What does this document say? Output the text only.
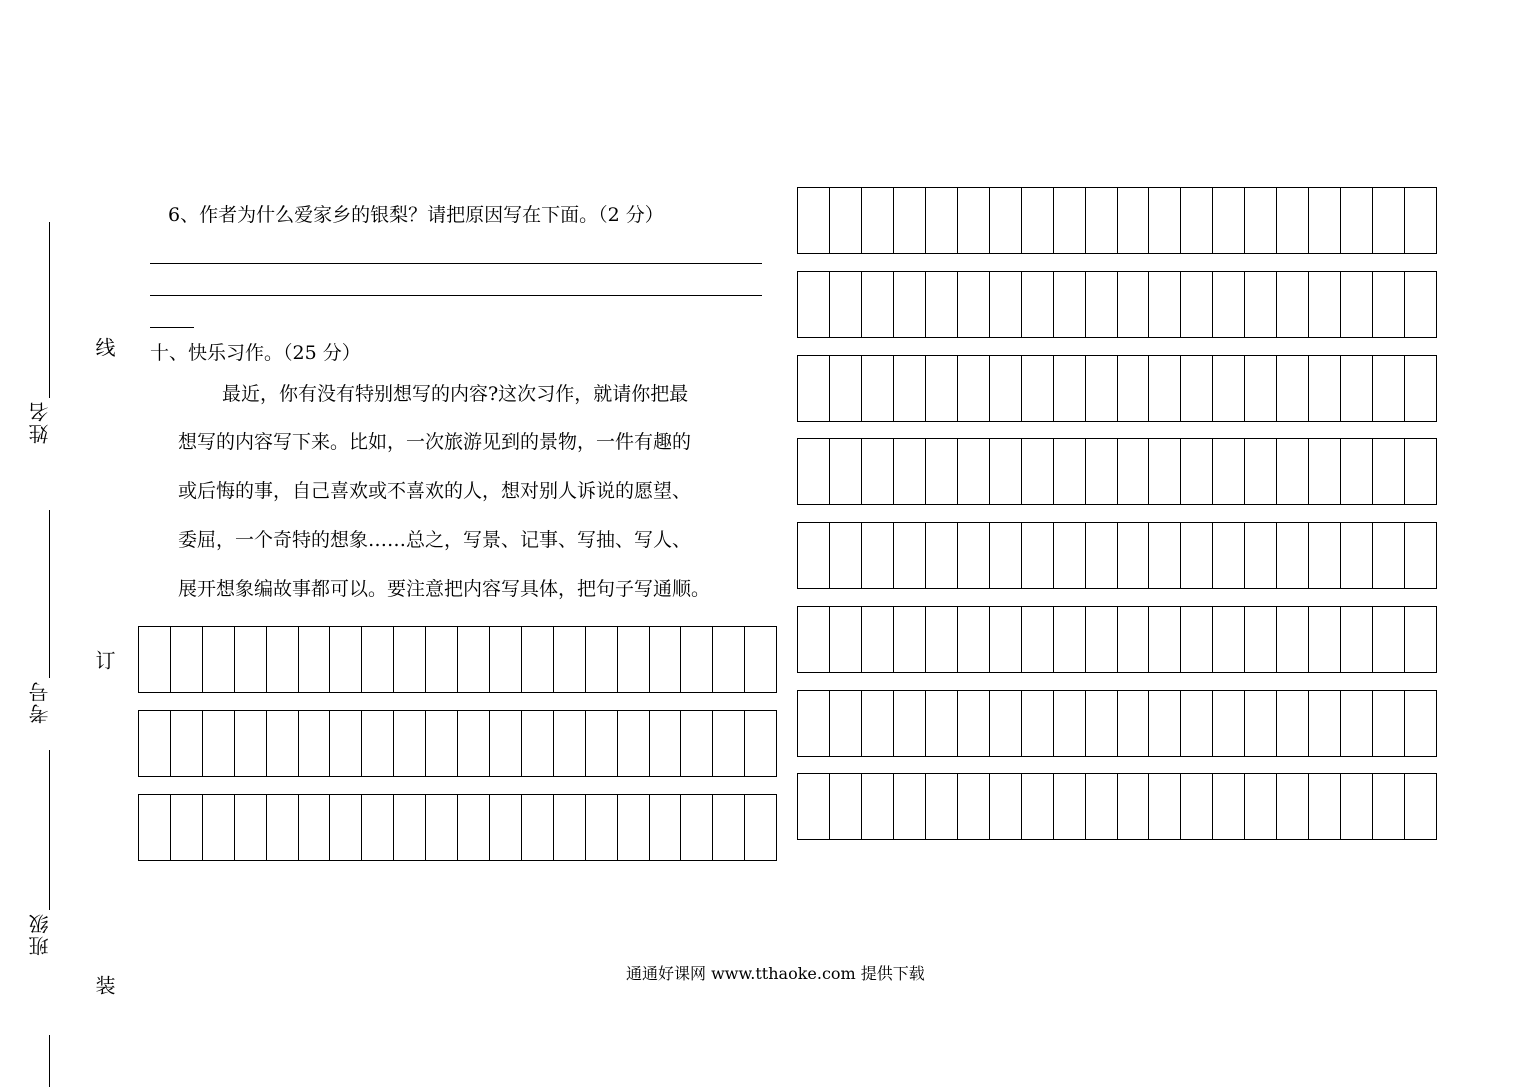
姓名
考号
班级
线
订
装
6、作者为什么爱家乡的银梨？请把原因写在下面。（2 分）
十、快乐习作。（25 分）
最近，你有没有特别想写的内容?这次习作，就请你把最
想写的内容写下来。比如，一次旅游见到的景物，一件有趣的
或后悔的事，自己喜欢或不喜欢的人，想对别人诉说的愿望、
委屈，一个奇特的想象……总之，写景、记事、写抽、写人、
展开想象编故事都可以。要注意把内容写具体，把句子写通顺。
通通好课网 www.tthaoke.com 提供下载
